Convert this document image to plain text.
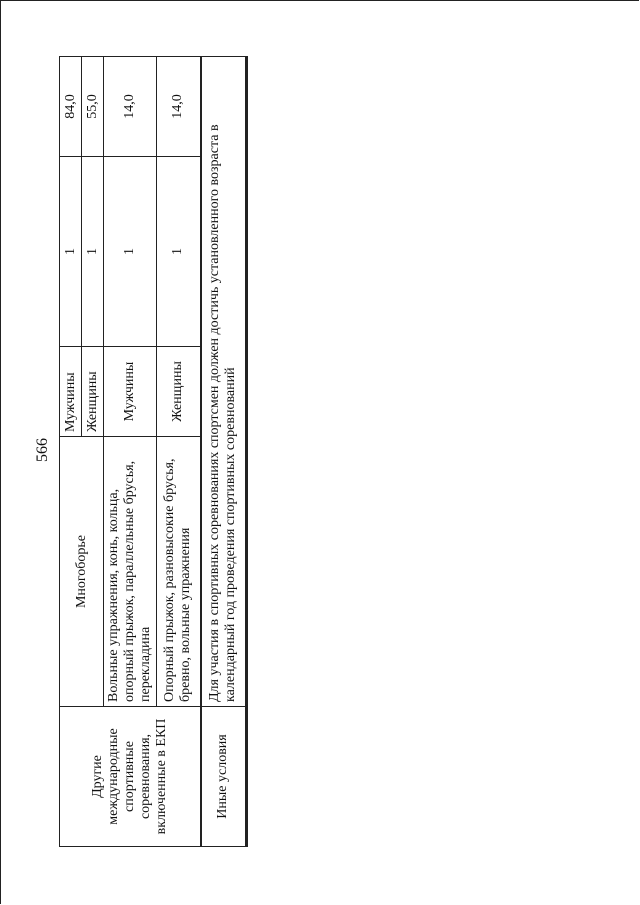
566
Другие международные спортивные соревнования, включенные в ЕКП	Многоборье	Мужчины	1	84,0
		Женщины	1	55,0
	Вольные упражнения, конь, кольца, опорный прыжок, параллельные брусья, перекладина	Мужчины	1	14,0

	Опорный прыжок, разновысокие брусья, бревно, вольные упражнения	Женщины	1	14,0
Иные условия	Для участия в спортивных соревнованиях спортсмен должен достичь установленного возраста в календарный год проведения спортивных соревнований			
